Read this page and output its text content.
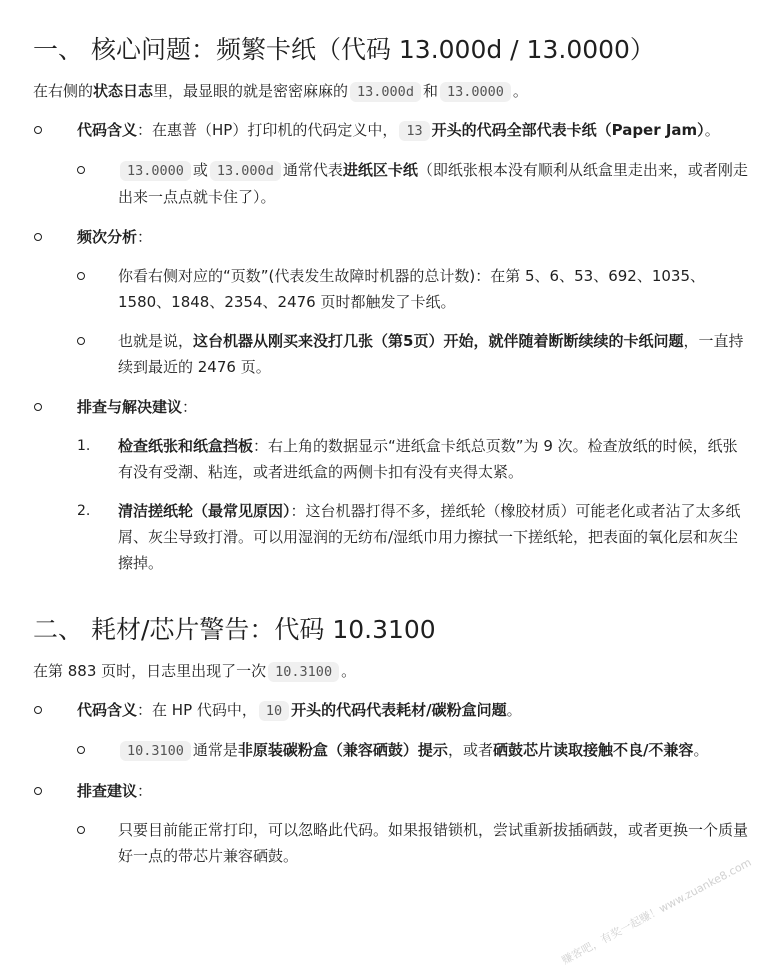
一、 核心问题：频繁卡纸（代码 13.000d / 13.0000）

在右侧的状态日志里，最显眼的就是密密麻麻的 13.000d 和 13.0000 。

代码含义：在惠普（HP）打印机的代码定义中， 13 开头的代码全部代表卡纸（Paper Jam）。
13.0000 或 13.000d 通常代表进纸区卡纸（即纸张根本没有顺利从纸盒里走出来，或者刚走出来一点点就卡住了）。
频次分析：
你看右侧对应的“页数”(代表发生故障时机器的总计数)：在第 5、6、53、692、1035、1580、1848、2354、2476 页时都触发了卡纸。
也就是说，这台机器从刚买来没打几张（第5页）开始，就伴随着断断续续的卡纸问题，一直持续到最近的 2476 页。
排查与解决建议：
1. 检查纸张和纸盒挡板：右上角的数据显示“进纸盒卡纸总页数”为 9 次。检查放纸的时候，纸张有没有受潮、粘连，或者进纸盒的两侧卡扣有没有夹得太紧。
2. 清洁搓纸轮（最常见原因）：这台机器打得不多，搓纸轮（橡胶材质）可能老化或者沾了太多纸屑、灰尘导致打滑。可以用湿润的无纺布/湿纸巾用力擦拭一下搓纸轮，把表面的氧化层和灰尘擦掉。
二、 耗材/芯片警告：代码 10.3100

在第 883 页时，日志里出现了一次 10.3100 。

代码含义：在 HP 代码中， 10 开头的代码代表耗材/碳粉盒问题。
10.3100 通常是非原装碳粉盒（兼容硒鼓）提示，或者硒鼓芯片读取接触不良/不兼容。
排查建议：
只要目前能正常打印，可以忽略此代码。如果报错锁机，尝试重新拔插硒鼓，或者更换一个质量好一点的带芯片兼容硒鼓。	赚客吧，有奖一起赚！www.zuanke8.com
